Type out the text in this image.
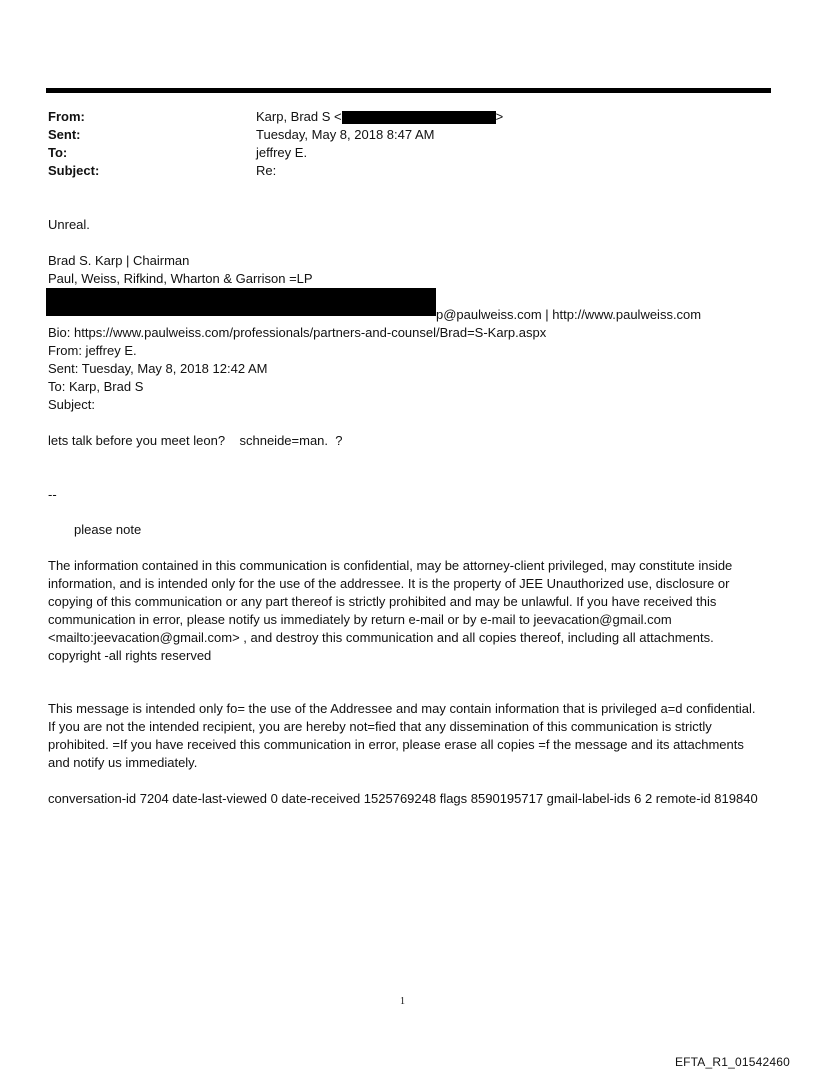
From:	Karp, Brad S <	>
Sent:	Tuesday, May 8, 2018 8:47 AM
To:	jeffrey E.
Subject:	Re:
Unreal.
Brad S. Karp | Chairman
Paul, Weiss, Rifkind, Wharton & Garrison =LP
p@paulweiss.com | http://www.paulweiss.com
Bio: https://www.paulweiss.com/professionals/partners-and-counsel/Brad=S-Karp.aspx
From: jeffrey E.
Sent: Tuesday, May 8, 2018 12:42 AM
To: Karp, Brad S
Subject:
lets talk before you meet leon?    schneide=man.  ?
--
please note
The information contained in this communication is confidential, may be attorney-client privileged, may constitute inside information, and is intended only for the use of the addressee. It is the property of JEE Unauthorized use, disclosure or copying of this communication or any part thereof is strictly prohibited and may be unlawful. If you have received this communication in error, please notify us immediately by return e-mail or by e-mail to jeevacation@gmail.com <mailto:jeevacation@gmail.com> , and destroy this communication and all copies thereof, including all attachments. copyright -all rights reserved
This message is intended only fo= the use of the Addressee and may contain information that is privileged a=d confidential. If you are not the intended recipient, you are hereby not=fied that any dissemination of this communication is strictly prohibited. =If you have received this communication in error, please erase all copies =f the message and its attachments and notify us immediately.
conversation-id 7204 date-last-viewed 0 date-received 1525769248 flags 8590195717 gmail-label-ids 6 2 remote-id 819840
1
EFTA_R1_01542460
